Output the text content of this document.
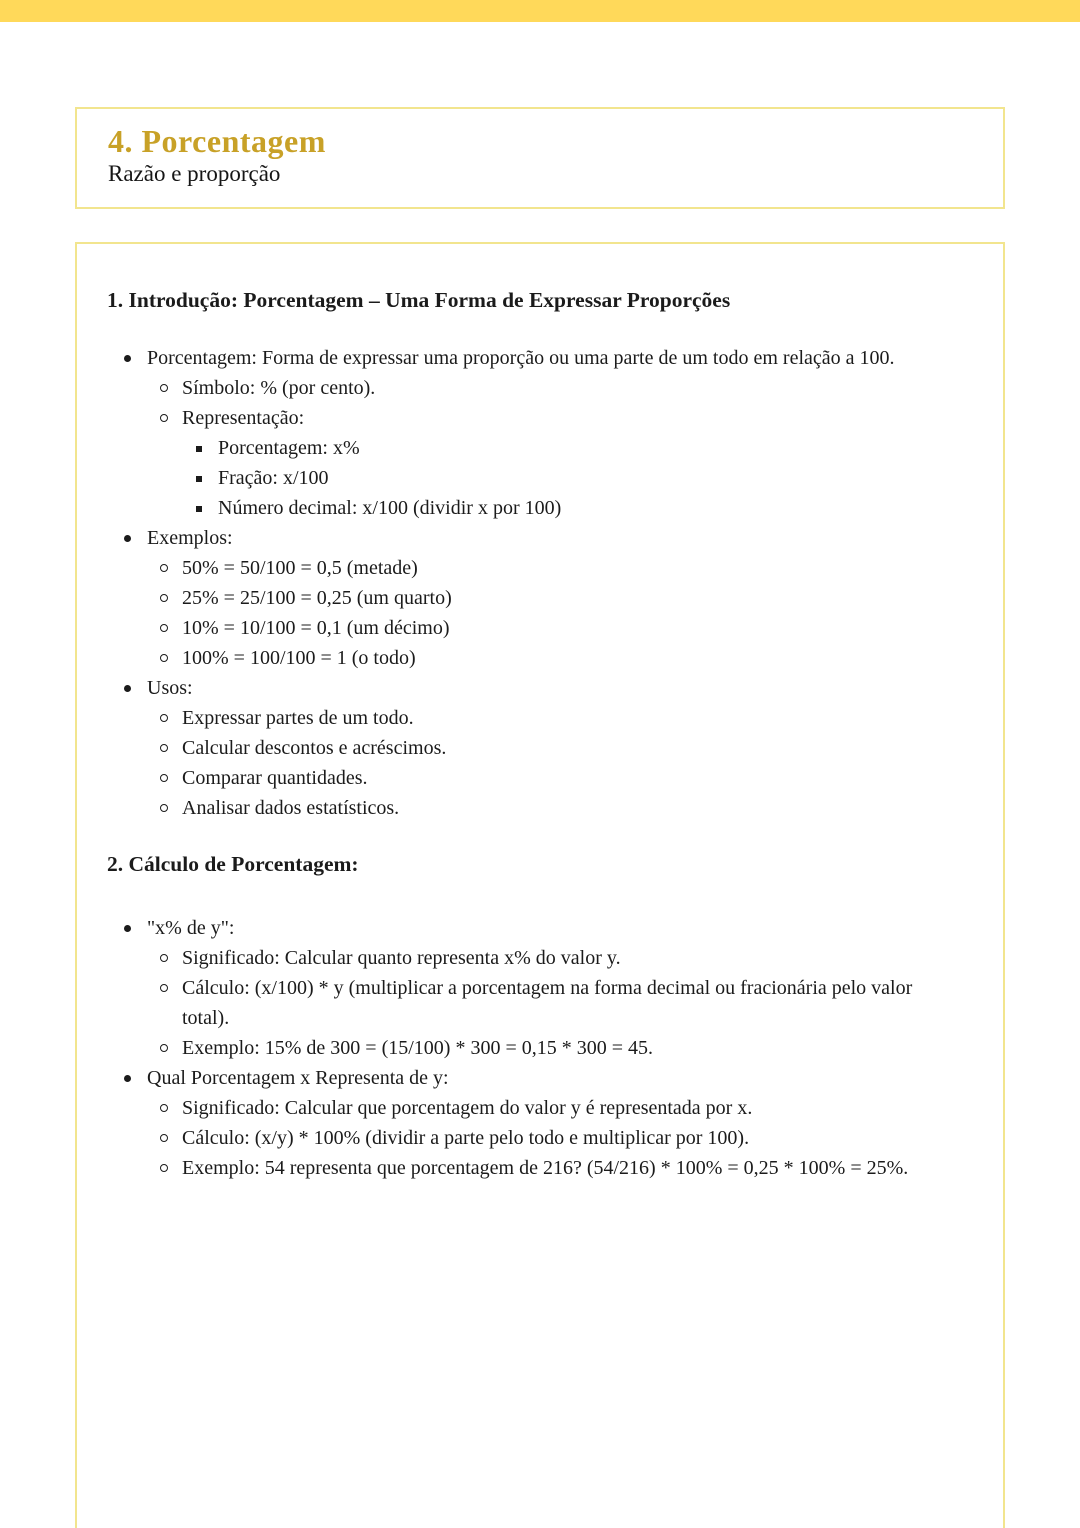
4. Porcentagem
Razão e proporção
1. Introdução: Porcentagem – Uma Forma de Expressar Proporções
Porcentagem: Forma de expressar uma proporção ou uma parte de um todo em relação a 100.
Símbolo: % (por cento).
Representação:
Porcentagem: x%
Fração: x/100
Número decimal: x/100 (dividir x por 100)
Exemplos:
50% = 50/100 = 0,5 (metade)
25% = 25/100 = 0,25 (um quarto)
10% = 10/100 = 0,1 (um décimo)
100% = 100/100 = 1 (o todo)
Usos:
Expressar partes de um todo.
Calcular descontos e acréscimos.
Comparar quantidades.
Analisar dados estatísticos.
2. Cálculo de Porcentagem:
"x% de y":
Significado: Calcular quanto representa x% do valor y.
Cálculo: (x/100) * y (multiplicar a porcentagem na forma decimal ou fracionária pelo valor total).
Exemplo: 15% de 300 = (15/100) * 300 = 0,15 * 300 = 45.
Qual Porcentagem x Representa de y:
Significado: Calcular que porcentagem do valor y é representada por x.
Cálculo: (x/y) * 100% (dividir a parte pelo todo e multiplicar por 100).
Exemplo: 54 representa que porcentagem de 216? (54/216) * 100% = 0,25 * 100% = 25%.
